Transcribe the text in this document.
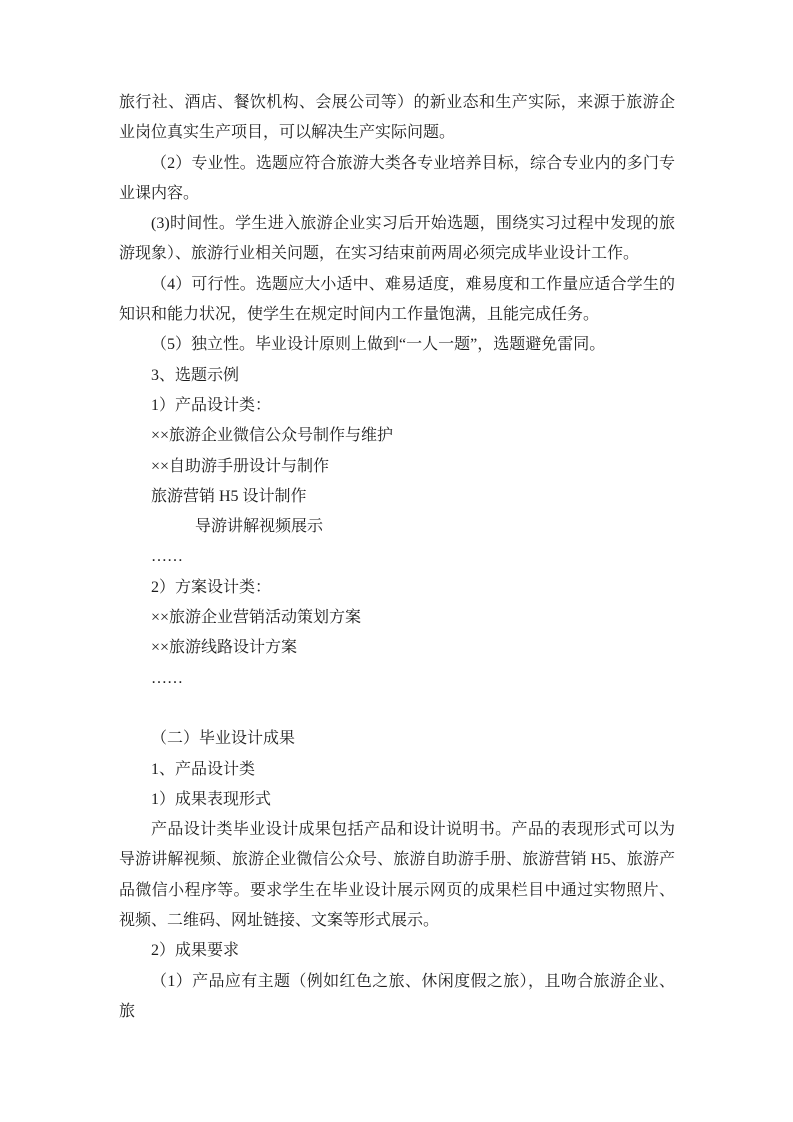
旅行社、酒店、餐饮机构、会展公司等）的新业态和生产实际，来源于旅游企业岗位真实生产项目，可以解决生产实际问题。

（2）专业性。选题应符合旅游大类各专业培养目标，综合专业内的多门专业课内容。

(3)时间性。学生进入旅游企业实习后开始选题，围绕实习过程中发现的旅游现象）、旅游行业相关问题，在实习结束前两周必须完成毕业设计工作。

（4）可行性。选题应大小适中、难易适度，难易度和工作量应适合学生的知识和能力状况，使学生在规定时间内工作量饱满，且能完成任务。

（5）独立性。毕业设计原则上做到“一人一题”，选题避免雷同。

3、选题示例

1）产品设计类：

××旅游企业微信公众号制作与维护

××自助游手册设计与制作

旅游营销 H5 设计制作

导游讲解视频展示

……

2）方案设计类：

××旅游企业营销活动策划方案

××旅游线路设计方案

……

（二）毕业设计成果

1、产品设计类

1）成果表现形式

产品设计类毕业设计成果包括产品和设计说明书。产品的表现形式可以为导游讲解视频、旅游企业微信公众号、旅游自助游手册、旅游营销 H5、旅游产品微信小程序等。要求学生在毕业设计展示网页的成果栏目中通过实物照片、视频、二维码、网址链接、文案等形式展示。

2）成果要求

（1）产品应有主题（例如红色之旅、休闲度假之旅），且吻合旅游企业、旅
